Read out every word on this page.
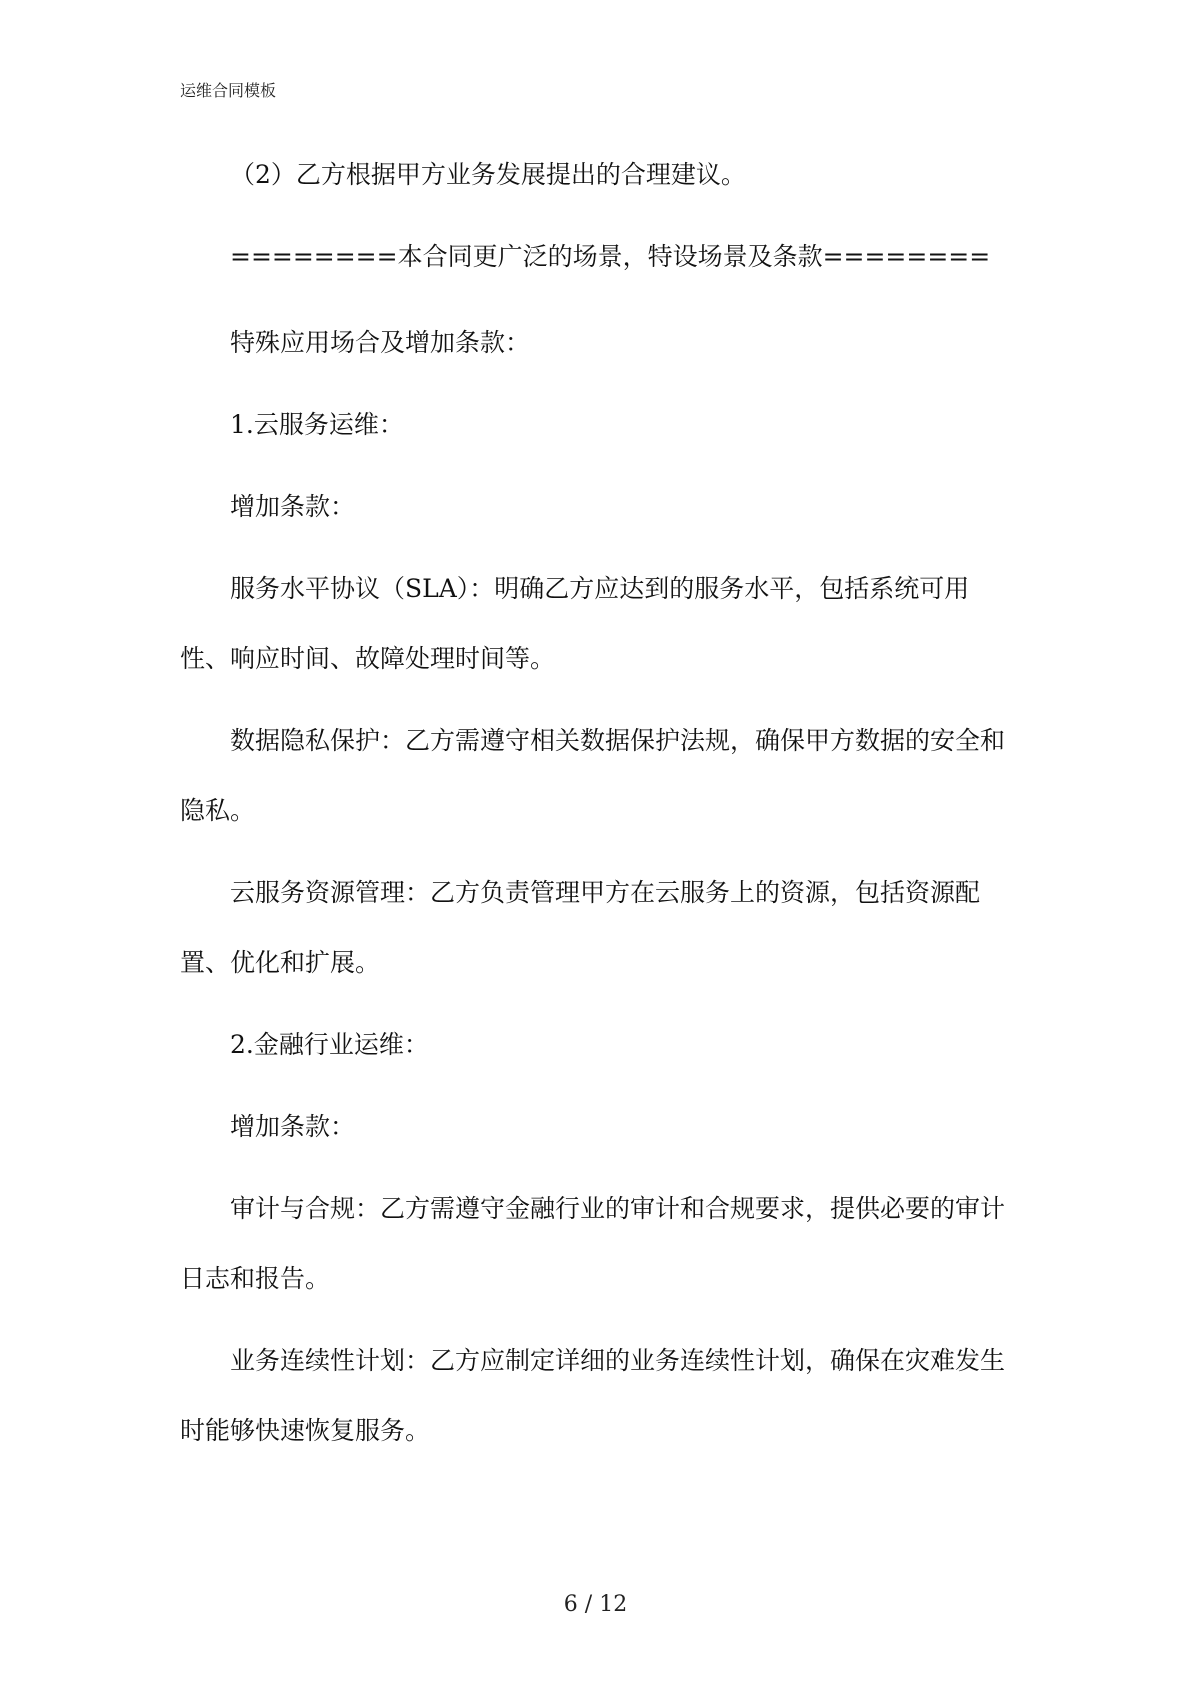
运维合同模板

（2）乙方根据甲方业务发展提出的合理建议。

========本合同更广泛的场景，特设场景及条款========

特殊应用场合及增加条款：

1.云服务运维：

增加条款：

服务水平协议（SLA）：明确乙方应达到的服务水平，包括系统可用性、响应时间、故障处理时间等。

数据隐私保护：乙方需遵守相关数据保护法规，确保甲方数据的安全和隐私。

云服务资源管理：乙方负责管理甲方在云服务上的资源，包括资源配置、优化和扩展。

2.金融行业运维：

增加条款：

审计与合规：乙方需遵守金融行业的审计和合规要求，提供必要的审计日志和报告。

业务连续性计划：乙方应制定详细的业务连续性计划，确保在灾难发生时能够快速恢复服务。

6 / 12
